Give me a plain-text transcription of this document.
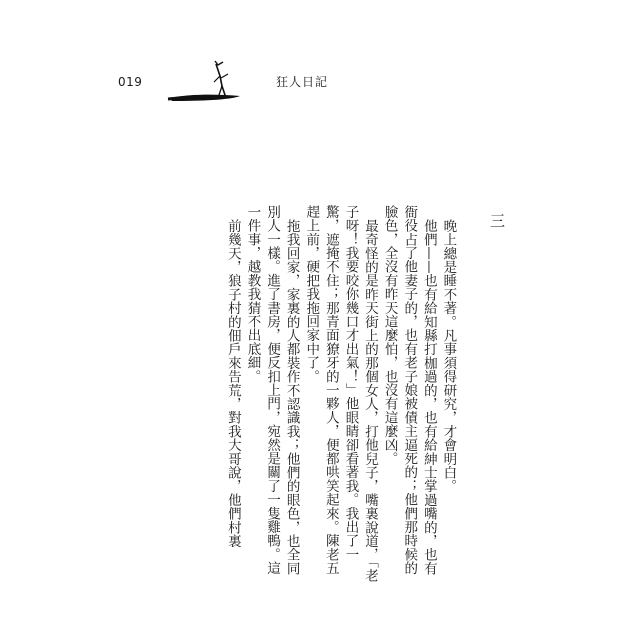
019	狂人日記
三

晚上總是睡不著。凡事須得研究，才會明白。

他們——也有給知縣打枷過的，也有給紳士掌過嘴的，也有衙役占了他妻子的，也有老子娘被債主逼死的；他們那時候的臉色，全沒有昨天這麼怕，也沒有這麼凶。

最奇怪的是昨天街上的那個女人，打他兒子，嘴裏說道，「老子呀！我要咬你幾口才出氣！」他眼睛卻看著我。我出了一驚，遮掩不住；那青面獠牙的一夥人，便都哄笑起來。陳老五趕上前，硬把我拖回家中了。

拖我回家，家裏的人都裝作不認識我；他們的眼色，也全同別人一樣。進了書房，便反扣上門，宛然是關了一隻雞鴨。這一件事，越教我猜不出底細。

前幾天，狼子村的佃戶來告荒，對我大哥說，他們村裏
